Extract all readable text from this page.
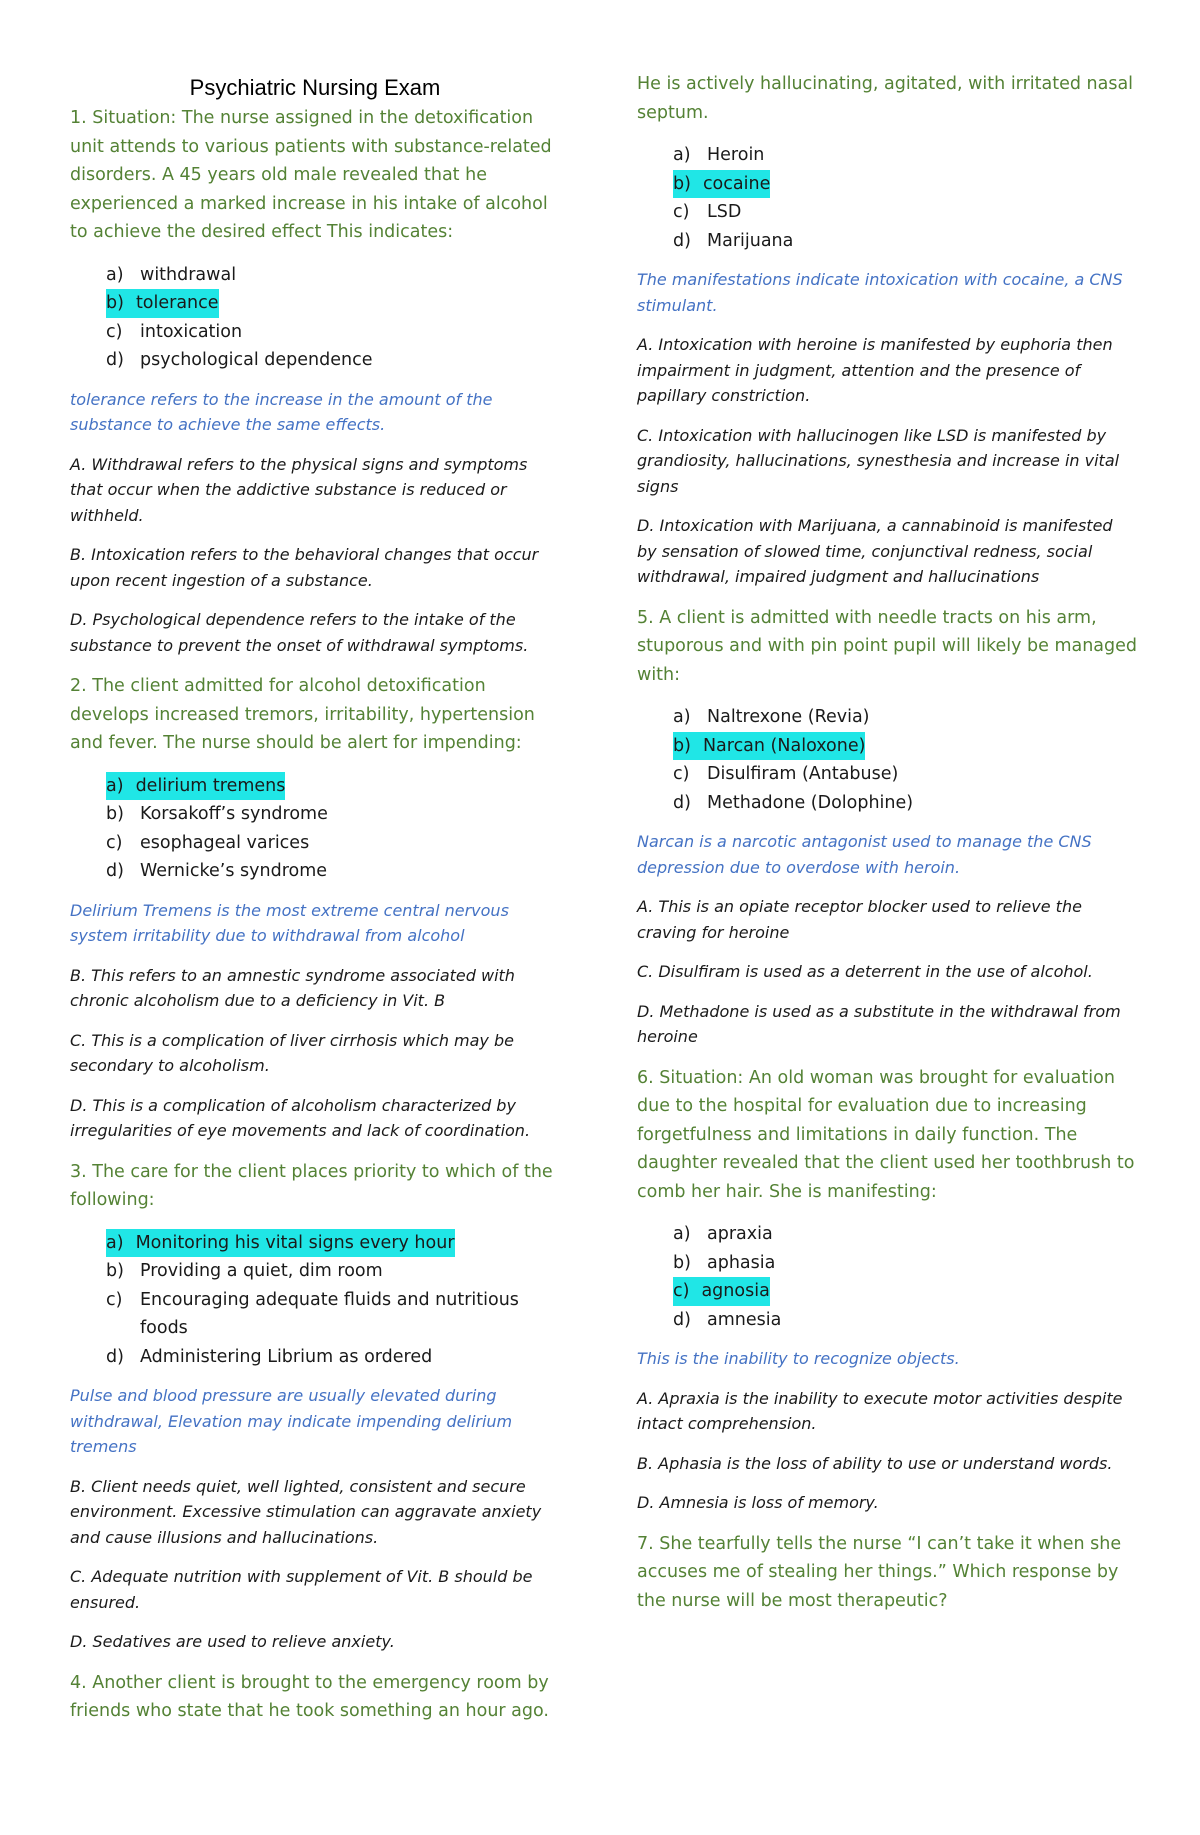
Psychiatric Nursing Exam

1. Situation: The nurse assigned in the detoxification unit attends to various patients with substance-related disorders. A 45 years old male revealed that he experienced a marked increase in his intake of alcohol to achieve the desired effect This indicates:

a) withdrawal
b) tolerance
c)	intoxication
d) psychological dependence

tolerance refers to the increase in the amount of the substance to achieve the same effects.

A. Withdrawal refers to the physical signs and symptoms that occur when the addictive substance is reduced or withheld.

B. Intoxication refers to the behavioral changes that occur upon recent ingestion of a substance.

D. Psychological dependence refers to the intake of the substance to prevent the onset of withdrawal symptoms.

2. The client admitted for alcohol detoxification develops increased tremors, irritability, hypertension and fever. The nurse should be alert for impending:

a) delirium tremens
b) Korsakoff’s syndrome
c)	esophageal varices
d) Wernicke’s syndrome

Delirium Tremens is the most extreme central nervous system irritability due to withdrawal from alcohol

B. This refers to an amnestic syndrome associated with chronic alcoholism due to a deficiency in Vit. B

C. This is a complication of liver cirrhosis which may be secondary to alcoholism.

D. This is a complication of alcoholism characterized by irregularities of eye movements and lack of coordination.

3. The care for the client places priority to which of the following:

a) Monitoring his vital signs every hour
b) Providing a quiet, dim room
c)	Encouraging adequate fluids and nutritious foods
d) Administering Librium as ordered

Pulse and blood pressure are usually elevated during withdrawal, Elevation may indicate impending delirium tremens

B. Client needs quiet, well lighted, consistent and secure environment. Excessive stimulation can aggravate anxiety and cause illusions and hallucinations.

C. Adequate nutrition with supplement of Vit. B should be ensured.

D. Sedatives are used to relieve anxiety.

4. Another client is brought to the emergency room by friends who state that he took something an hour ago.

He is actively hallucinating, agitated, with irritated nasal septum.

a) Heroin
b) cocaine
c)	LSD
d) Marijuana

The manifestations indicate intoxication with cocaine, a CNS stimulant.

A. Intoxication with heroine is manifested by euphoria then impairment in judgment, attention and the presence of papillary constriction.

C. Intoxication with hallucinogen like LSD is manifested by grandiosity, hallucinations, synesthesia and increase in vital signs

D. Intoxication with Marijuana, a cannabinoid is manifested by sensation of slowed time, conjunctival redness, social withdrawal, impaired judgment and hallucinations

5. A client is admitted with needle tracts on his arm, stuporous and with pin point pupil will likely be managed with:

a) Naltrexone (Revia)
b) Narcan (Naloxone)
c)	Disulfiram (Antabuse)
d) Methadone (Dolophine)

Narcan is a narcotic antagonist used to manage the CNS depression due to overdose with heroin.

A. This is an opiate receptor blocker used to relieve the craving for heroine

C. Disulfiram is used as a deterrent in the use of alcohol.

D. Methadone is used as a substitute in the withdrawal from heroine

6. Situation: An old woman was brought for evaluation due to the hospital for evaluation due to increasing forgetfulness and limitations in daily function. The daughter revealed that the client used her toothbrush to comb her hair. She is manifesting:

a) apraxia
b) aphasia
c) agnosia
d) amnesia

This is the inability to recognize objects.

A. Apraxia is the inability to execute motor activities despite intact comprehension.

B. Aphasia is the loss of ability to use or understand words.

D. Amnesia is loss of memory.

7. She tearfully tells the nurse “I can’t take it when she accuses me of stealing her things.” Which response by the nurse will be most therapeutic?
